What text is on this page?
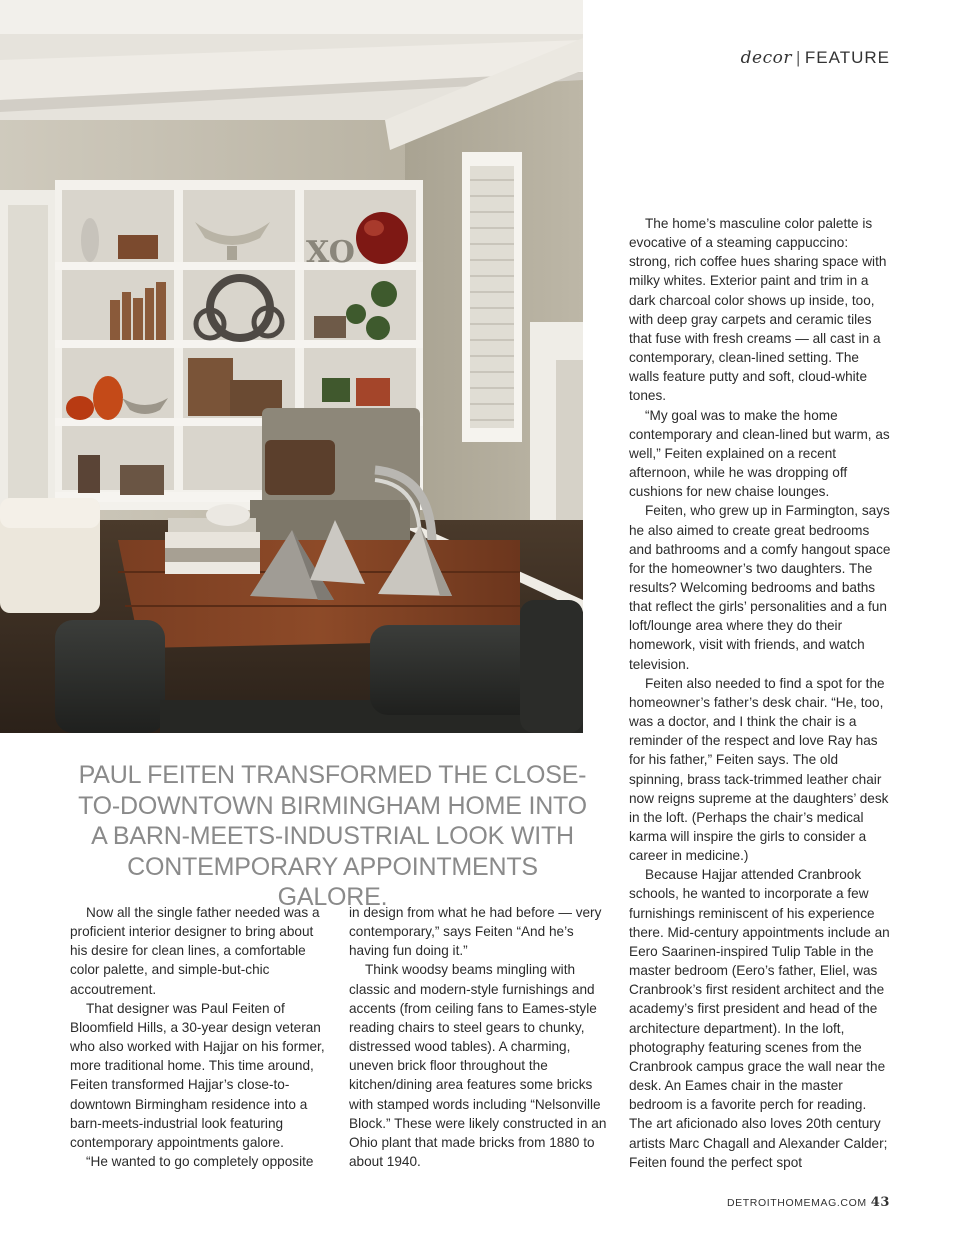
XO
decor | FEATURE
PAUL FEITEN TRANSFORMED THE CLOSE-TO-DOWNTOWN BIRMINGHAM HOME INTO A BARN-MEETS-INDUSTRIAL LOOK WITH CONTEMPORARY APPOINTMENTS GALORE.

Now all the single father needed was a proficient interior designer to bring about his desire for clean lines, a comfortable color palette, and simple-but-chic accoutrement.

That designer was Paul Feiten of Bloomfield Hills, a 30-year design veteran who also worked with Hajjar on his former, more traditional home. This time around, Feiten transformed Hajjar’s close-to-downtown Birmingham residence into a barn-meets-industrial look featuring contemporary appointments galore.

“He wanted to go completely opposite

in design from what he had before — very contemporary,” says Feiten “And he’s having fun doing it.”

Think woodsy beams mingling with classic and modern-style furnishings and accents (from ceiling fans to Eames-style reading chairs to steel gears to chunky, distressed wood tables). A charming, uneven brick floor throughout the kitchen/dining area features some bricks with stamped words including “Nelsonville Block.” These were likely constructed in an Ohio plant that made bricks from 1880 to about 1940.

The home’s masculine color palette is evocative of a steaming cappuccino: strong, rich coffee hues sharing space with milky whites. Exterior paint and trim in a dark charcoal color shows up inside, too, with deep gray carpets and ceramic tiles that fuse with fresh creams — all cast in a contemporary, clean-lined setting. The walls feature putty and soft, cloud-white tones.

“My goal was to make the home contemporary and clean-lined but warm, as well,” Feiten explained on a recent afternoon, while he was dropping off cushions for new chaise lounges.

Feiten, who grew up in Farmington, says he also aimed to create great bedrooms and bathrooms and a comfy hangout space for the homeowner’s two daughters. The results? Welcoming bedrooms and baths that reflect the girls’ personalities and a fun loft/lounge area where they do their homework, visit with friends, and watch television.

Feiten also needed to find a spot for the homeowner’s father’s desk chair. “He, too, was a doctor, and I think the chair is a reminder of the respect and love Ray has for his father,” Feiten says. The old spinning, brass tack-trimmed leather chair now reigns supreme at the daughters’ desk in the loft. (Perhaps the chair’s medical karma will inspire the girls to consider a career in medicine.)

Because Hajjar attended Cranbrook schools, he wanted to incorporate a few furnishings reminiscent of his experience there. Mid-century appointments include an Eero Saarinen-inspired Tulip Table in the master bedroom (Eero’s father, Eliel, was Cranbrook’s first resident architect and the academy’s first president and head of the architecture department). In the loft, photography featuring scenes from the Cranbrook campus grace the wall near the desk. An Eames chair in the master bedroom is a favorite perch for reading. The art aficionado also loves 20th century artists Marc Chagall and Alexander Calder; Feiten found the perfect spot

DETROITHOMEMAG.COM 43
